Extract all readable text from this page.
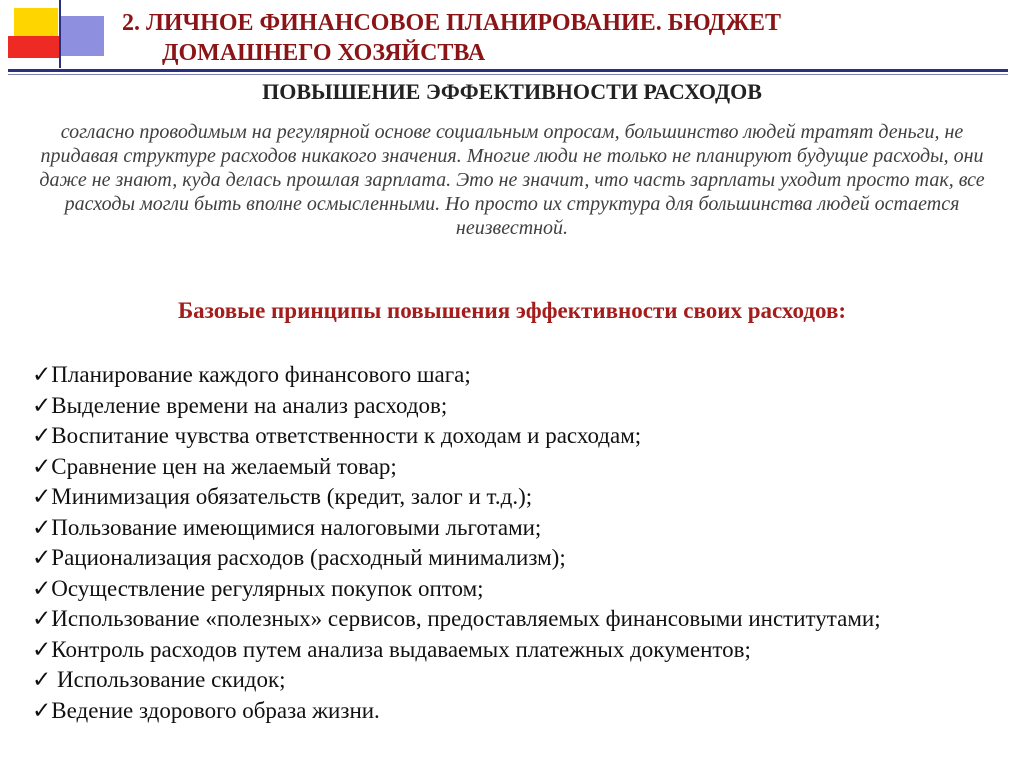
2. ЛИЧНОЕ ФИНАНСОВОЕ ПЛАНИРОВАНИЕ. БЮДЖЕТ
ДОМАШНЕГО ХОЗЯЙСТВА
ПОВЫШЕНИЕ ЭФФЕКТИВНОСТИ РАСХОДОВ

согласно проводимым на регулярной основе социальным опросам, большинство людей тратят деньги, не придавая структуре расходов никакого значения. Многие люди не только не планируют будущие расходы, они даже не знают, куда делась прошлая зарплата. Это не значит, что часть зарплаты уходит просто так, все расходы могли быть вполне осмысленными. Но просто их структура для большинства людей остается неизвестной.

Базовые принципы повышения эффективности своих расходов:
✓Планирование каждого финансового шага;
✓Выделение времени на анализ расходов;
✓Воспитание чувства ответственности к доходам и расходам;
✓Сравнение цен на желаемый товар;
✓Минимизация обязательств (кредит, залог и т.д.);
✓Пользование имеющимися налоговыми льготами;
✓Рационализация расходов (расходный минимализм);
✓Осуществление регулярных покупок оптом;
✓Использование «полезных» сервисов, предоставляемых финансовыми институтами;
✓Контроль расходов путем анализа выдаваемых платежных документов;
✓ Использование скидок;
✓Ведение здорового образа жизни.
